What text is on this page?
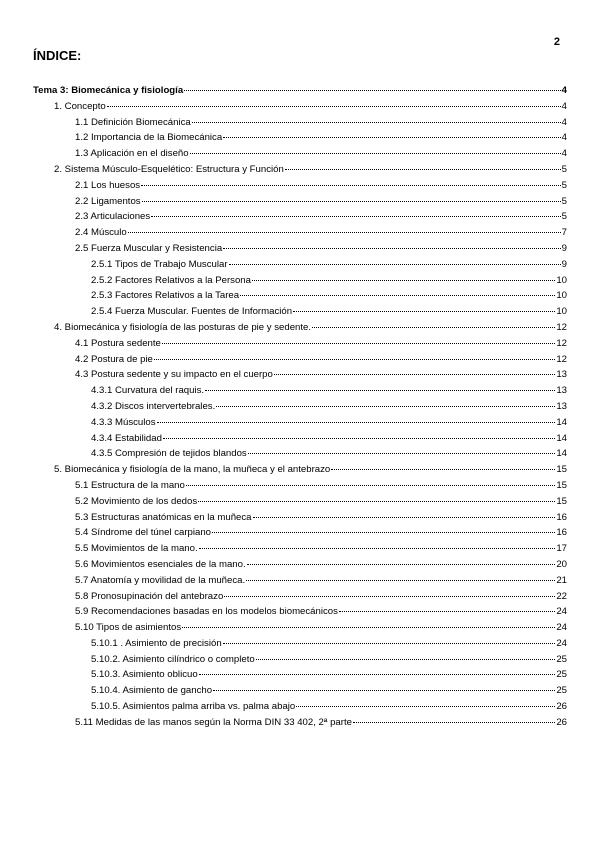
2
ÍNDICE:
Tema 3: Biomecánica y fisiología	4
1. Concepto	4
1.1 Definición Biomecánica	4
1.2 Importancia de la Biomecánica	4
1.3 Aplicación en el diseño	4
2. Sistema Músculo-Esquelético: Estructura y Función	5
2.1 Los huesos	5
2.2 Ligamentos	5
2.3 Articulaciones	5
2.4 Músculo	7
2.5 Fuerza Muscular y Resistencia	9
2.5.1 Tipos de Trabajo Muscular	9
2.5.2 Factores Relativos a la Persona	10
2.5.3 Factores Relativos a la Tarea	10
2.5.4 Fuerza Muscular. Fuentes de Información	10
4. Biomecánica y fisiología de las posturas de pie y sedente.	12
4.1 Postura sedente	12
4.2 Postura de pie	12
4.3 Postura sedente y su impacto en el cuerpo	13
4.3.1 Curvatura del raquis.	13
4.3.2 Discos intervertebrales.	13
4.3.3 Músculos	14
4.3.4 Estabilidad	14
4.3.5 Compresión de tejidos blandos	14
5. Biomecánica y fisiología de la mano, la muñeca y el antebrazo	15
5.1 Estructura de la mano	15
5.2 Movimiento de los dedos	15
5.3 Estructuras anatómicas en la muñeca	16
5.4 Síndrome del túnel carpiano	16
5.5 Movimientos de la mano.	17
5.6 Movimientos esenciales de la mano.	20
5.7 Anatomía y movilidad de la muñeca.	21
5.8 Pronosupinación del antebrazo	22
5.9 Recomendaciones basadas en los modelos biomecánicos	24
5.10 Tipos de asimientos	24
5.10.1 . Asimiento de precisión	24
5.10.2. Asimiento cilíndrico o completo	25
5.10.3. Asimiento oblicuo	25
5.10.4. Asimiento de gancho	25
5.10.5. Asimientos palma arriba vs. palma abajo	26
5.11 Medidas de las manos según la Norma DIN 33 402, 2ª parte	26
